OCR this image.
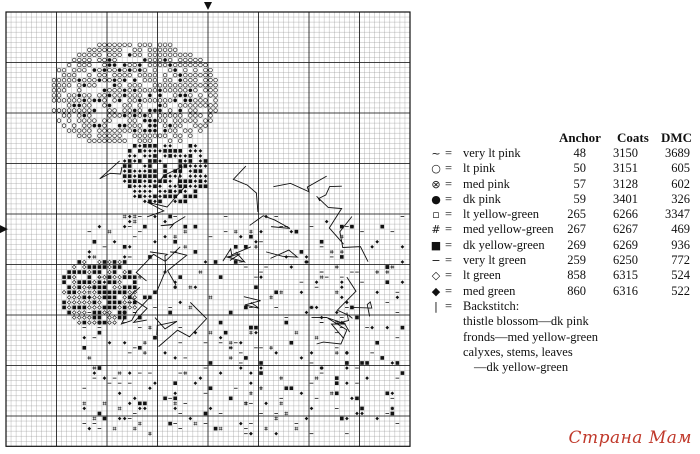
Anchor Coats DMC
~ = very lt pink	48	3150	3689
○ = lt pink	50	3151	605
⊗ = med pink	57	3128	602
● = dk pink	59	3401	326
▫ = lt yellow-green	265	6266	3347
# = med yellow-green	267	6267	469
■ = dk yellow-green	269	6269	936
− = very lt green	259	6250	772
◇ = lt green	858	6315	524
◆ = med green	860	6316	522
| = Backstitch:
thistle blossom—dk pink
fronds—med yellow-green
calyxes, stems, leaves
—dk yellow-green
Страна Мам
